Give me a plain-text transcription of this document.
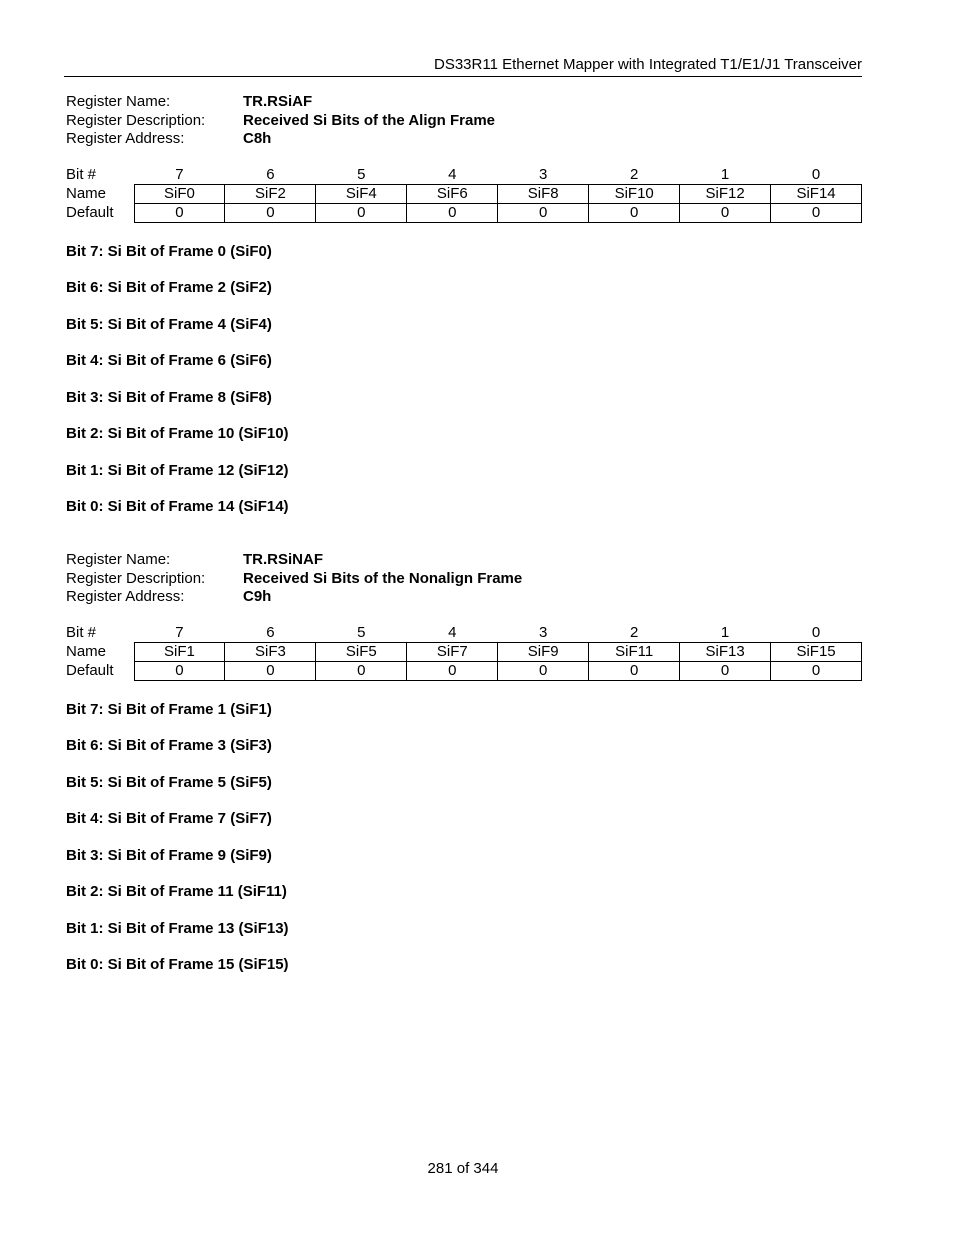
DS33R11 Ethernet Mapper with Integrated T1/E1/J1 Transceiver
Register Name:	TR.RSiAF
Register Description:	Received Si Bits of the Align Frame
Register Address:	C8h
Bit #	7	6	5	4	3	2	1	0
Name	SiF0	SiF2	SiF4	SiF6	SiF8	SiF10	SiF12	SiF14
Default	0	0	0	0	0	0	0	0
Bit 7: Si Bit of Frame 0 (SiF0)
Bit 6: Si Bit of Frame 2 (SiF2)
Bit 5: Si Bit of Frame 4 (SiF4)
Bit 4: Si Bit of Frame 6 (SiF6)
Bit 3: Si Bit of Frame 8 (SiF8)
Bit 2: Si Bit of Frame 10 (SiF10)
Bit 1: Si Bit of Frame 12 (SiF12)
Bit 0: Si Bit of Frame 14 (SiF14)
Register Name:	TR.RSiNAF
Register Description:	Received Si Bits of the Nonalign Frame
Register Address:	C9h
Bit #	7	6	5	4	3	2	1	0
Name	SiF1	SiF3	SiF5	SiF7	SiF9	SiF11	SiF13	SiF15
Default	0	0	0	0	0	0	0	0
Bit 7: Si Bit of Frame 1 (SiF1)
Bit 6: Si Bit of Frame 3 (SiF3)
Bit 5: Si Bit of Frame 5 (SiF5)
Bit 4: Si Bit of Frame 7 (SiF7)
Bit 3: Si Bit of Frame 9 (SiF9)
Bit 2: Si Bit of Frame 11 (SiF11)
Bit 1: Si Bit of Frame 13 (SiF13)
Bit 0: Si Bit of Frame 15 (SiF15)
281 of 344
